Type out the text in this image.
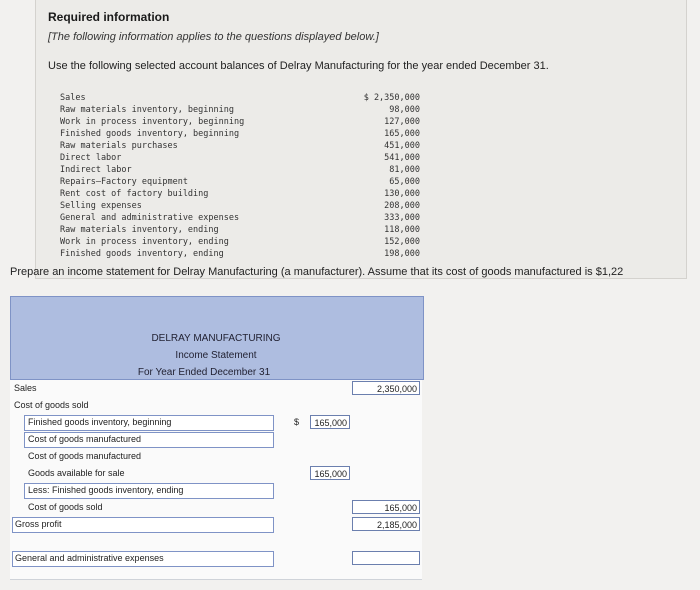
Required information
[The following information applies to the questions displayed below.]
Use the following selected account balances of Delray Manufacturing for the year ended December 31.
Sales	$ 2,350,000
Raw materials inventory, beginning	98,000
Work in process inventory, beginning	127,000
Finished goods inventory, beginning	165,000
Raw materials purchases	451,000
Direct labor	541,000
Indirect labor	81,000
Repairs—Factory equipment	65,000
Rent cost of factory building	130,000
Selling expenses	208,000
General and administrative expenses	333,000
Raw materials inventory, ending	118,000
Work in process inventory, ending	152,000
Finished goods inventory, ending	198,000
Prepare an income statement for Delray Manufacturing (a manufacturer). Assume that its cost of goods manufactured is $1,22
DELRAY MANUFACTURING
Income Statement
For Year Ended December 31
Sales	2,350,000
Cost of goods sold
Finished goods inventory, beginning	$	165,000
Cost of goods manufactured
Cost of goods manufactured
Goods available for sale	165,000
Less: Finished goods inventory, ending
Cost of goods sold	165,000
Gross profit	2,185,000
General and administrative expenses
